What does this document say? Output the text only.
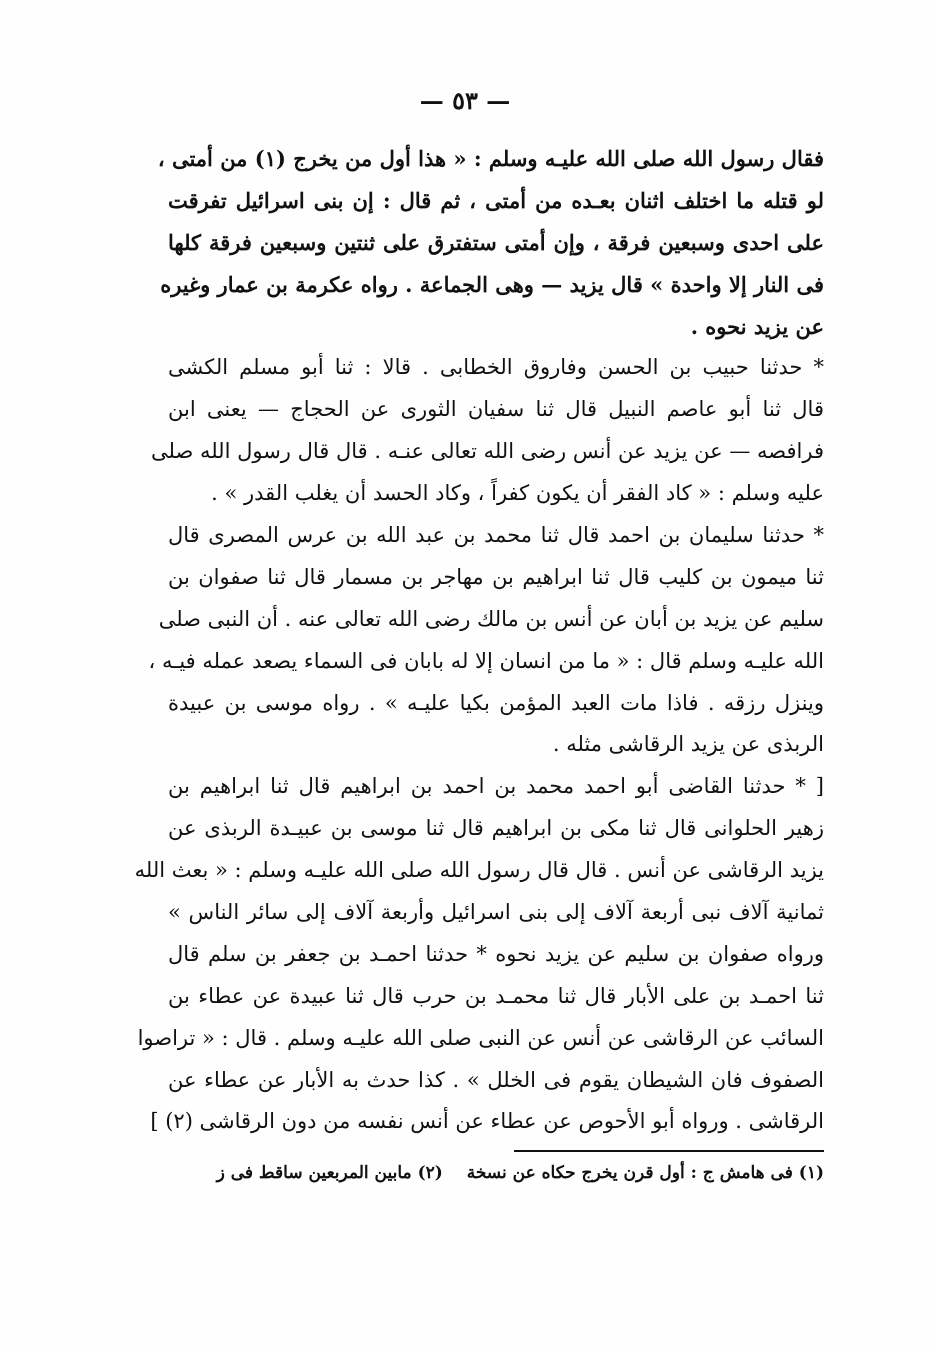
— ٥٣ —
فقال رسول الله صلى الله عليـه وسلم : « هذا أول من يخرج (١) من أمتى ،
لو قتله ما اختلف اثنان بعـده من أمتى ، ثم قال : إن بنى اسرائيل تفرقت
على احدى وسبعين فرقة ، وإن أمتى ستفترق على ثنتين وسبعين فرقة كلها
فى النار إلا واحدة » قال يزيد — وهى الجماعة . رواه عكرمة بن عمار وغيره
عن يزيد نحوه .
* حدثنا حبيب بن الحسن وفاروق الخطابى . قالا : ثنا أبو مسلم الكشى
قال ثنا أبو عاصم النبيل قال ثنا سفيان الثورى عن الحجاج — يعنى ابن
فرافصه — عن يزيد عن أنس رضى الله تعالى عنـه . قال قال رسول الله صلى
عليه وسلم : « كاد الفقر أن يكون كفراً ، وكاد الحسد أن يغلب القدر » .
* حدثنا سليمان بن احمد قال ثنا محمد بن عبد الله بن عرس المصرى قال
ثنا ميمون بن كليب قال ثنا ابراهيم بن مهاجر بن مسمار قال ثنا صفوان بن
سليم عن يزيد بن أبان عن أنس بن مالك رضى الله تعالى عنه . أن النبى صلى
الله عليـه وسلم قال : « ما من انسان إلا له بابان فى السماء يصعد عمله فيـه ،
وينزل رزقه . فاذا مات العبد المؤمن بكيا عليـه » . رواه موسى بن عبيدة
الربذى عن يزيد الرقاشى مثله .
[ * حدثنا القاضى أبو احمد محمد بن احمد بن ابراهيم قال ثنا ابراهيم بن
زهير الحلوانى قال ثنا مكى بن ابراهيم قال ثنا موسى بن عبيـدة الربذى عن
يزيد الرقاشى عن أنس . قال قال رسول الله صلى الله عليـه وسلم : « بعث الله
ثمانية آلاف نبى أربعة آلاف إلى بنى اسرائيل وأربعة آلاف إلى سائر الناس »
ورواه صفوان بن سليم عن يزيد نحوه * حدثنا احمـد بن جعفر بن سلم قال
ثنا احمـد بن على الأبار قال ثنا محمـد بن حرب قال ثنا عبيدة عن عطاء بن
السائب عن الرقاشى عن أنس عن النبى صلى الله عليـه وسلم . قال : « تراصوا
الصفوف فان الشيطان يقوم فى الخلل » . كذا حدث به الأبار عن عطاء عن
الرقاشى . ورواه أبو الأحوص عن عطاء عن أنس نفسه من دون الرقاشى (٢) ]
(١) فى هامش ج : أول قرن يخرج حكاه عن نسخة (٢) مابين المربعين ساقط فى ز
